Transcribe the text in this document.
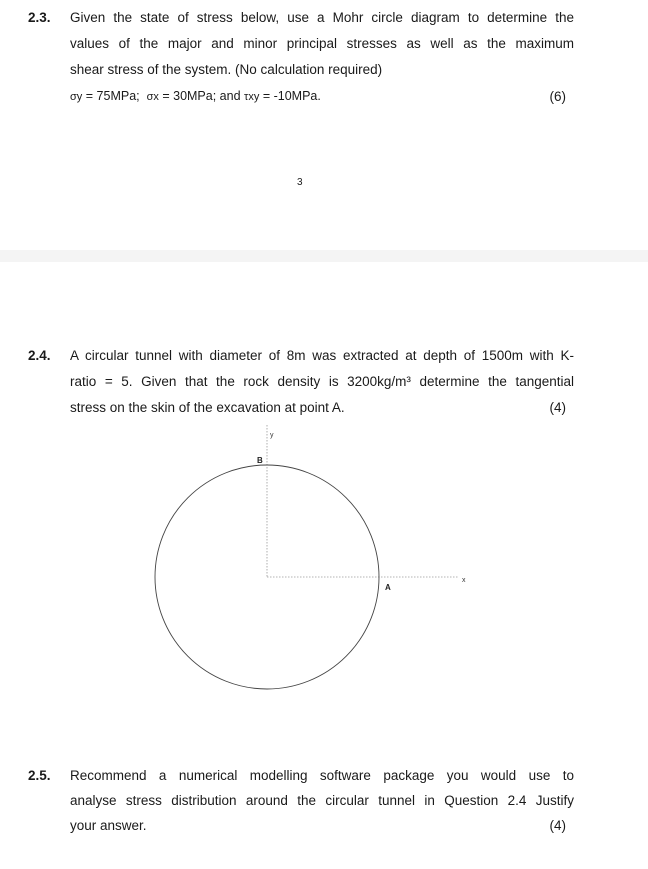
2.3. Given the state of stress below, use a Mohr circle diagram to determine the
values of the major and minor principal stresses as well as the maximum
shear stress of the system. (No calculation required)
σy = 75MPa; σx = 30MPa; and τxy = -10MPa.	(6)
3
2.4. A circular tunnel with diameter of 8m was extracted at depth of 1500m with K-
ratio = 5. Given that the rock density is 3200kg/m³ determine the tangential
stress on the skin of the excavation at point A.	(4)
y
x
B
A
2.5. Recommend a numerical modelling software package you would use to
analyse stress distribution around the circular tunnel in Question 2.4 Justify
your answer.	(4)
